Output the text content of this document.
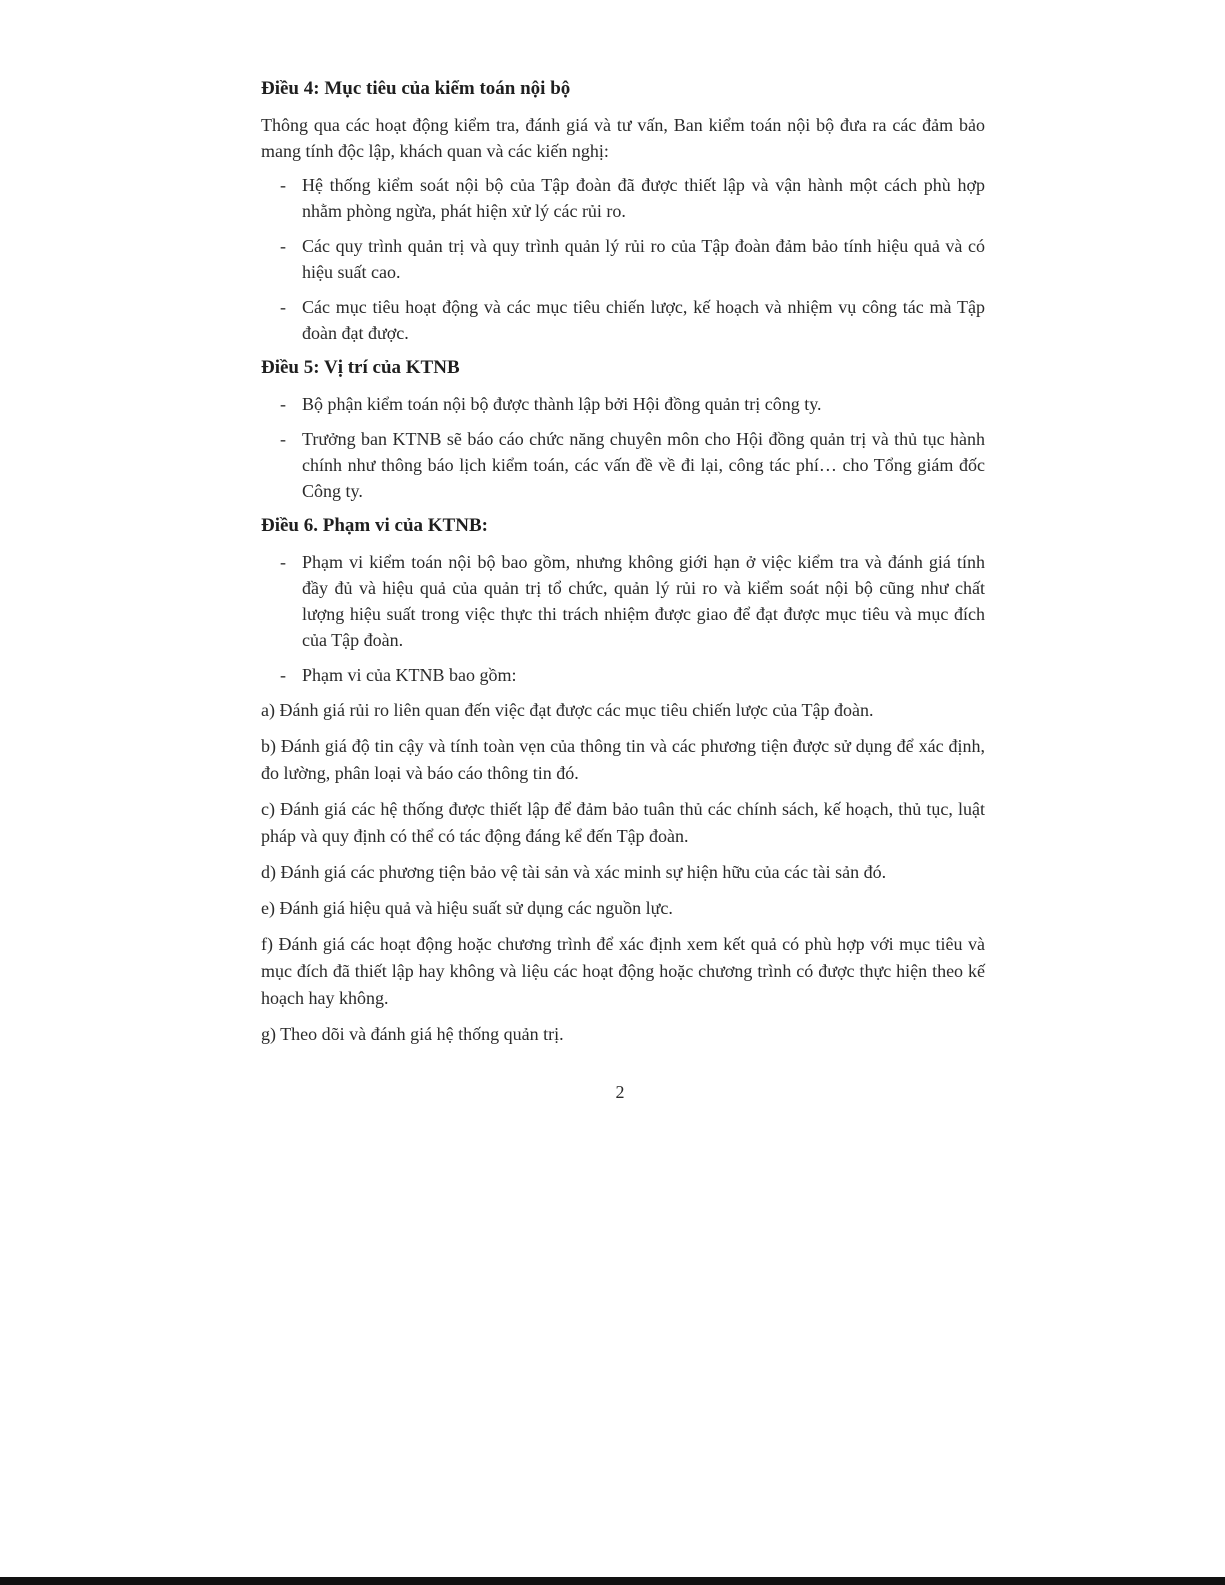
Điều 4: Mục tiêu của kiểm toán nội bộ
Thông qua các hoạt động kiểm tra, đánh giá và tư vấn, Ban kiểm toán nội bộ đưa ra các đảm bảo mang tính độc lập, khách quan và các kiến nghị:
- Hệ thống kiểm soát nội bộ của Tập đoàn đã được thiết lập và vận hành một cách phù hợp nhằm phòng ngừa, phát hiện xử lý các rủi ro.
- Các quy trình quản trị và quy trình quản lý rủi ro của Tập đoàn đảm bảo tính hiệu quả và có hiệu suất cao.
- Các mục tiêu hoạt động và các mục tiêu chiến lược, kế hoạch và nhiệm vụ công tác mà Tập đoàn đạt được.
Điều 5: Vị trí của KTNB
- Bộ phận kiểm toán nội bộ được thành lập bởi Hội đồng quản trị công ty.
- Trưởng ban KTNB sẽ báo cáo chức năng chuyên môn cho Hội đồng quản trị và thủ tục hành chính như thông báo lịch kiểm toán, các vấn đề về đi lại, công tác phí… cho Tổng giám đốc Công ty.
Điều 6. Phạm vi của KTNB:
- Phạm vi kiểm toán nội bộ bao gồm, nhưng không giới hạn ở việc kiểm tra và đánh giá tính đầy đủ và hiệu quả của quản trị tổ chức, quản lý rủi ro và kiểm soát nội bộ cũng như chất lượng hiệu suất trong việc thực thi trách nhiệm được giao để đạt được mục tiêu và mục đích của Tập đoàn.
- Phạm vi của KTNB bao gồm:
a) Đánh giá rủi ro liên quan đến việc đạt được các mục tiêu chiến lược của Tập đoàn.
b) Đánh giá độ tin cậy và tính toàn vẹn của thông tin và các phương tiện được sử dụng để xác định, đo lường, phân loại và báo cáo thông tin đó.
c) Đánh giá các hệ thống được thiết lập để đảm bảo tuân thủ các chính sách, kế hoạch, thủ tục, luật pháp và quy định có thể có tác động đáng kể đến Tập đoàn.
d) Đánh giá các phương tiện bảo vệ tài sản và xác minh sự hiện hữu của các tài sản đó.
e) Đánh giá hiệu quả và hiệu suất sử dụng các nguồn lực.
f) Đánh giá các hoạt động hoặc chương trình để xác định xem kết quả có phù hợp với mục tiêu và mục đích đã thiết lập hay không và liệu các hoạt động hoặc chương trình có được thực hiện theo kế hoạch hay không.
g) Theo dõi và đánh giá hệ thống quản trị.
2
